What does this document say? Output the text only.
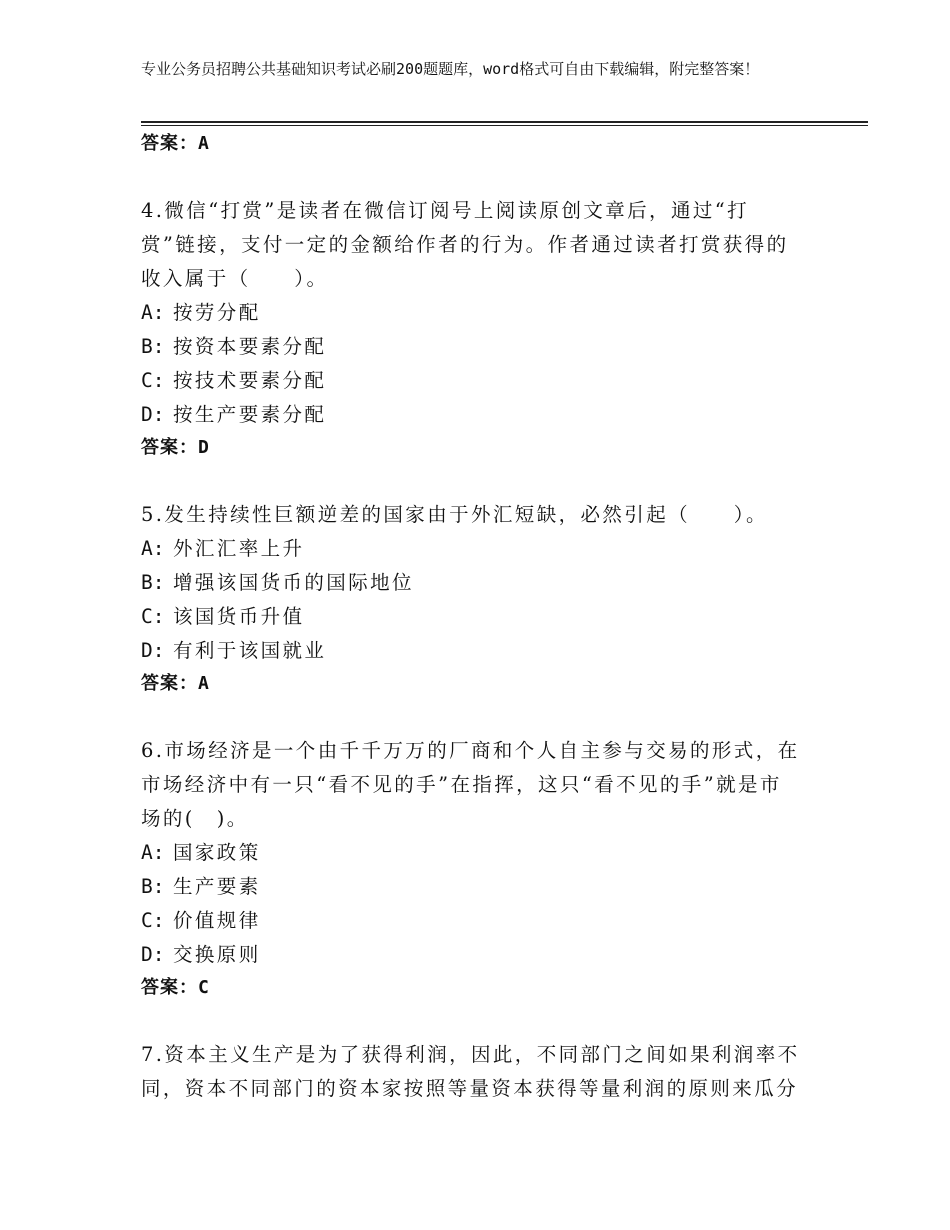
专业公务员招聘公共基础知识考试必刷200题题库，word格式可自由下载编辑，附完整答案！
答案：A
4.微信“打赏”是读者在微信订阅号上阅读原创文章后，通过“打赏”链接，支付一定的金额给作者的行为。作者通过读者打赏获得的收入属于（　　）。
A: 按劳分配
B: 按资本要素分配
C: 按技术要素分配
D: 按生产要素分配
答案：D
5.发生持续性巨额逆差的国家由于外汇短缺，必然引起（　　）。
A: 外汇汇率上升
B: 增强该国货币的国际地位
C: 该国货币升值
D: 有利于该国就业
答案：A
6.市场经济是一个由千千万万的厂商和个人自主参与交易的形式，在市场经济中有一只“看不见的手”在指挥，这只“看不见的手”就是市场的(　)。
A: 国家政策
B: 生产要素
C: 价值规律
D: 交换原则
答案：C
7.资本主义生产是为了获得利润，因此，不同部门之间如果利润率不同，资本不同部门的资本家按照等量资本获得等量利润的原则来瓜分
